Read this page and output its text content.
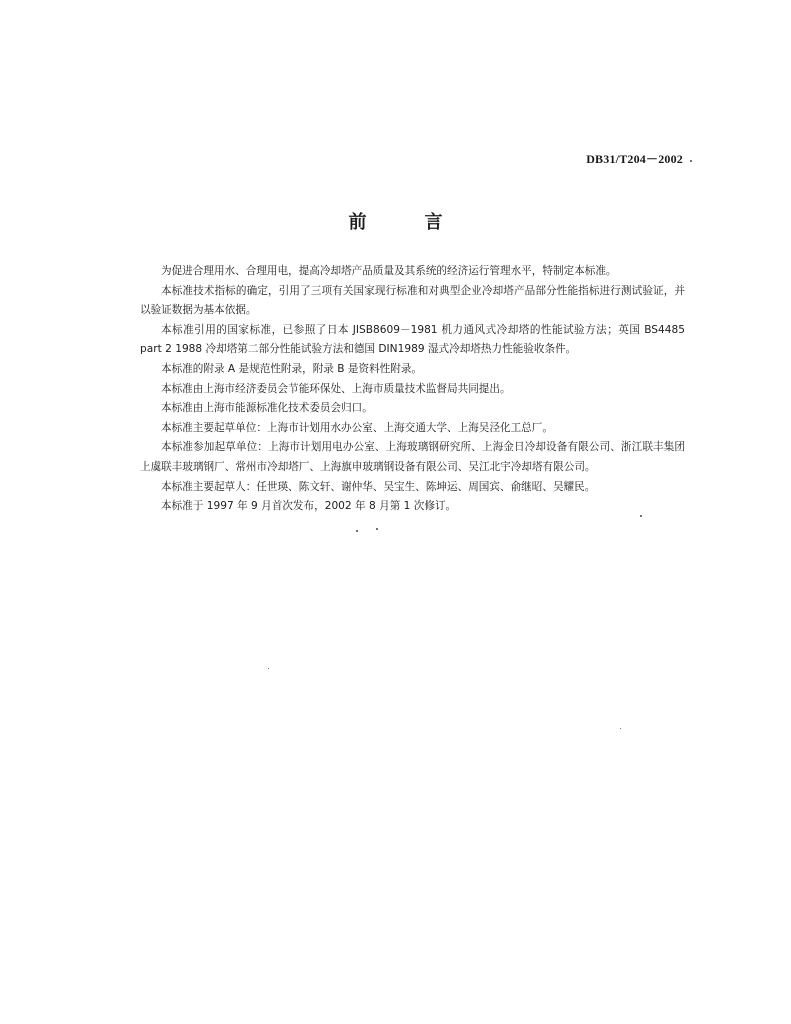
DB31/T204－2002
前言

为促进合理用水、合理用电，提高冷却塔产品质量及其系统的经济运行管理水平，特制定本标准。

本标准技术指标的确定，引用了三项有关国家现行标准和对典型企业冷却塔产品部分性能指标进行测试验证，并以验证数据为基本依据。

本标准引用的国家标准，已参照了日本 JISB8609－1981 机力通风式冷却塔的性能试验方法；英国 BS4485 part 2 1988 冷却塔第二部分性能试验方法和德国 DIN1989 湿式冷却塔热力性能验收条件。

本标准的附录 A 是规范性附录，附录 B 是资料性附录。

本标准由上海市经济委员会节能环保处、上海市质量技术监督局共同提出。

本标准由上海市能源标准化技术委员会归口。

本标准主要起草单位：上海市计划用水办公室、上海交通大学、上海吴泾化工总厂。

本标准参加起草单位：上海市计划用电办公室、上海玻璃钢研究所、上海金日冷却设备有限公司、浙江联丰集团上虞联丰玻璃钢厂、常州市冷却塔厂、上海旗申玻璃钢设备有限公司、吴江北宇冷却塔有限公司。

本标准主要起草人：任世瑛、陈文轩、谢仲华、吴宝生、陈坤运、周国宾、俞继昭、吴耀民。

本标准于 1997 年 9 月首次发布，2002 年 8 月第 1 次修订。
